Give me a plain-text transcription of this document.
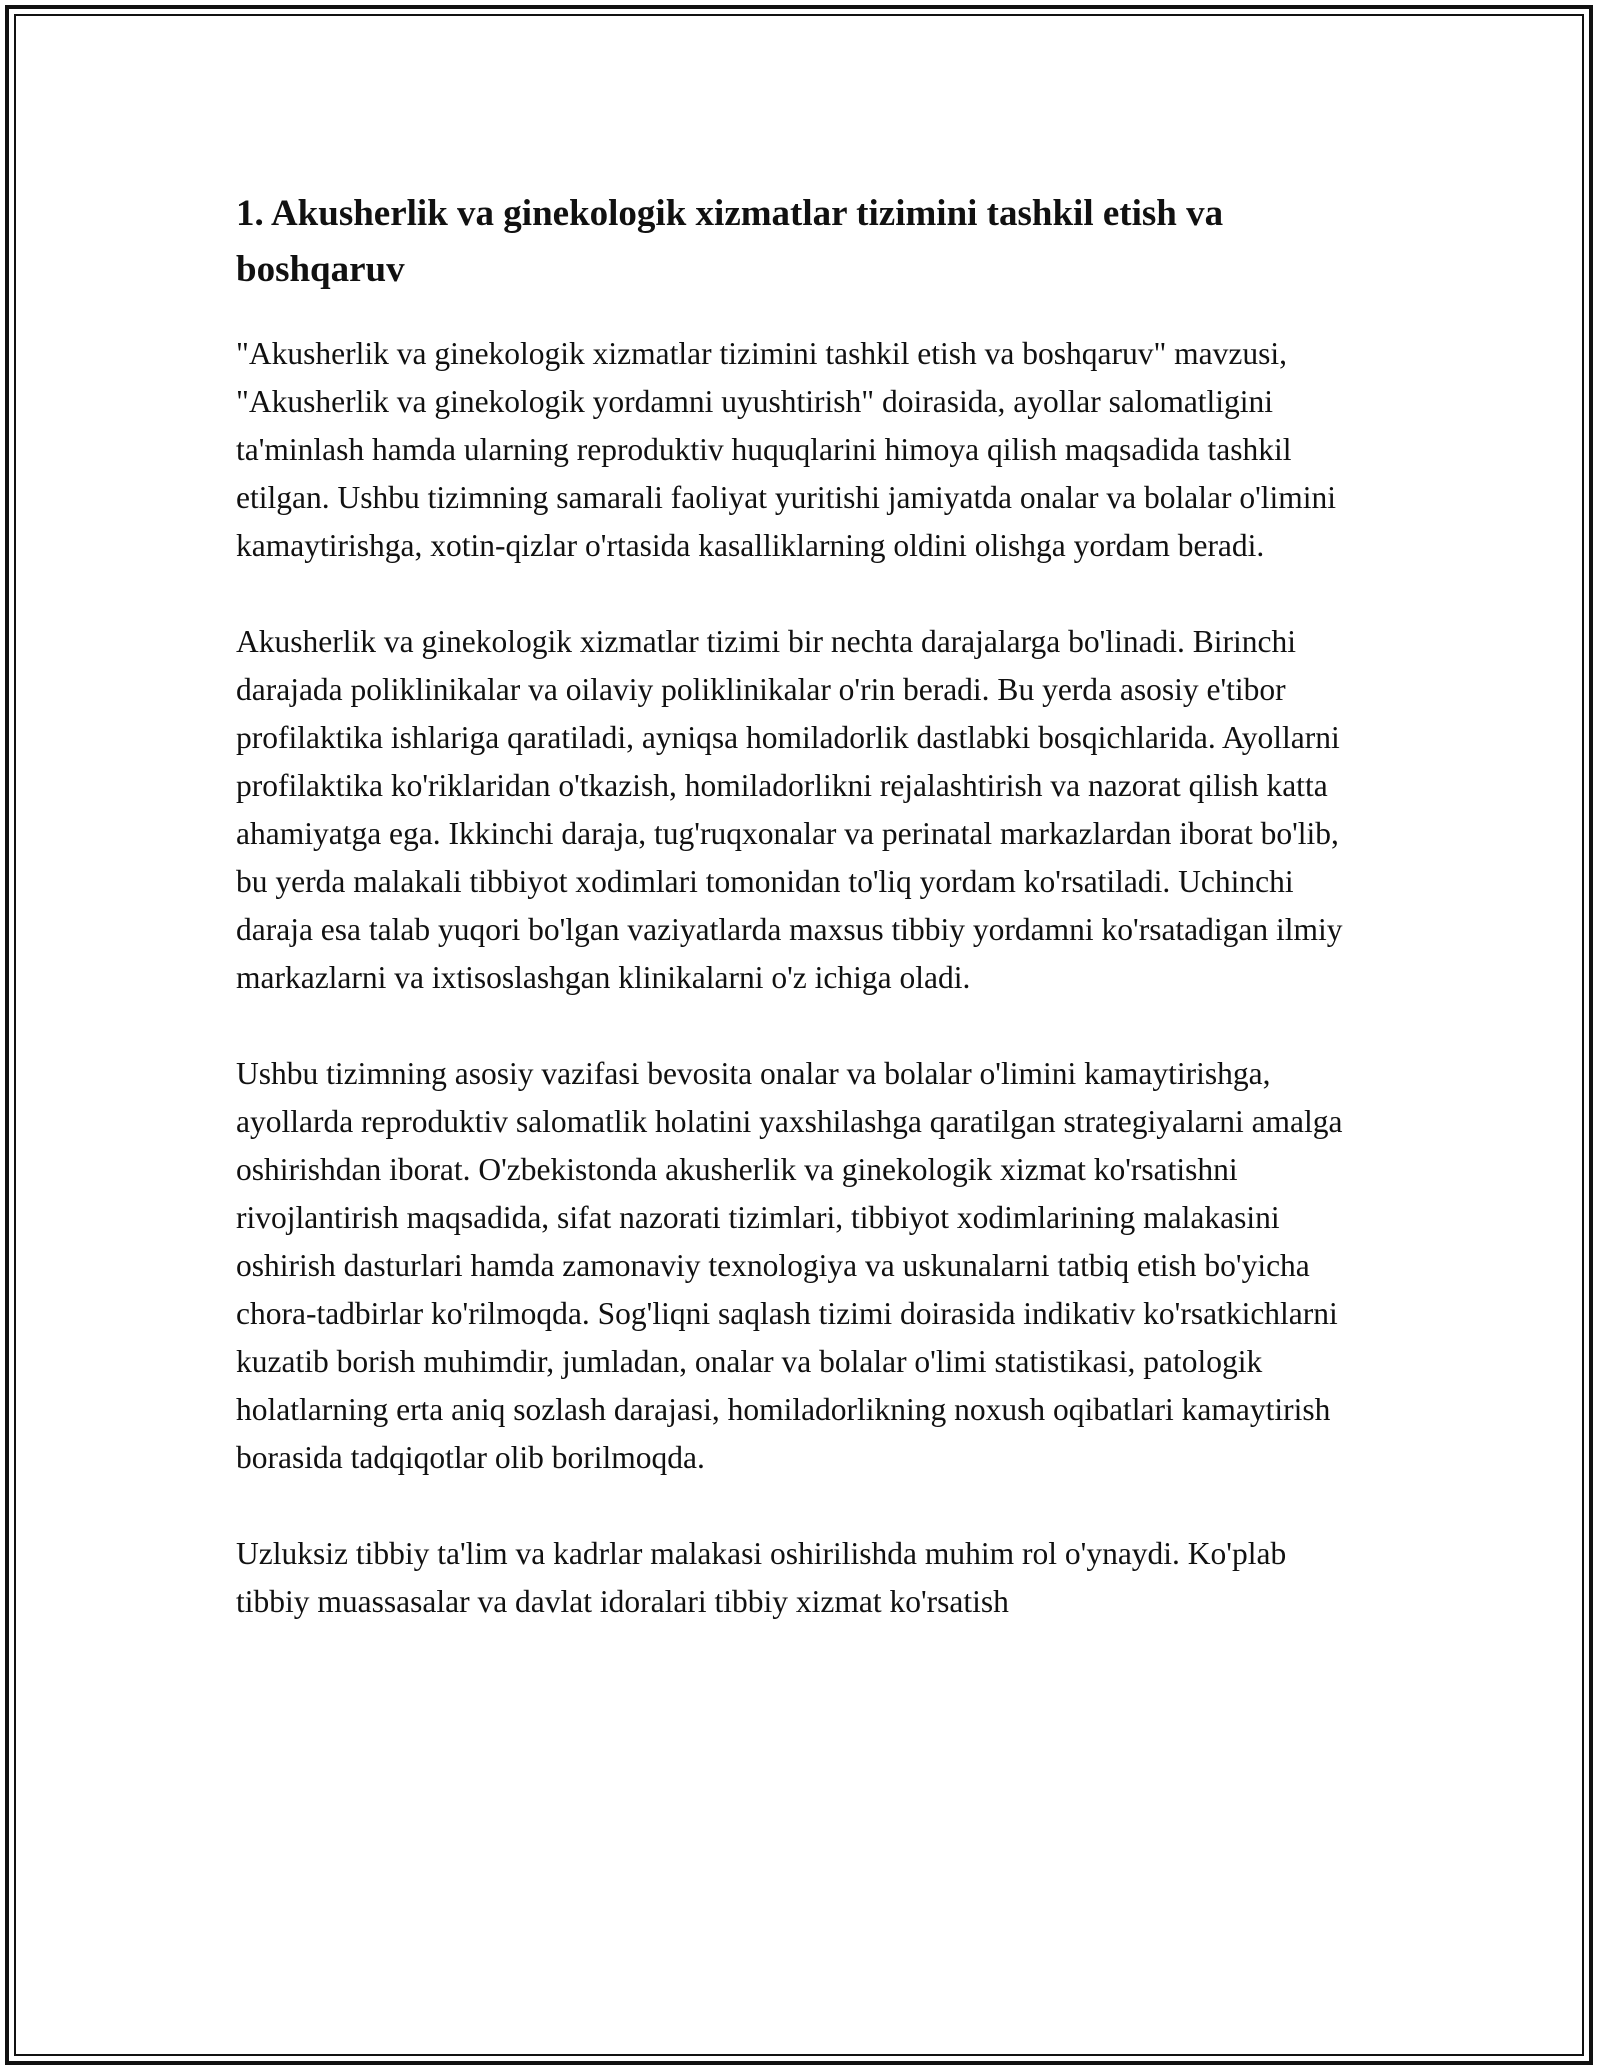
1. Akusherlik va ginekologik xizmatlar tizimini tashkil etish va boshqaruv

"Akusherlik va ginekologik xizmatlar tizimini tashkil etish va boshqaruv" mavzusi, "Akusherlik va ginekologik yordamni uyushtirish" doirasida, ayollar salomatligini ta'minlash hamda ularning reproduktiv huquqlarini himoya qilish maqsadida tashkil etilgan. Ushbu tizimning samarali faoliyat yuritishi jamiyatda onalar va bolalar o'limini kamaytirishga, xotin-qizlar o'rtasida kasalliklarning oldini olishga yordam beradi.

Akusherlik va ginekologik xizmatlar tizimi bir nechta darajalarga bo'linadi. Birinchi darajada poliklinikalar va oilaviy poliklinikalar o'rin beradi. Bu yerda asosiy e'tibor profilaktika ishlariga qaratiladi, ayniqsa homiladorlik dastlabki bosqichlarida. Ayollarni profilaktika ko'riklaridan o'tkazish, homiladorlikni rejalashtirish va nazorat qilish katta ahamiyatga ega. Ikkinchi daraja, tug'ruqxonalar va perinatal markazlardan iborat bo'lib, bu yerda malakali tibbiyot xodimlari tomonidan to'liq yordam ko'rsatiladi. Uchinchi daraja esa talab yuqori bo'lgan vaziyatlarda maxsus tibbiy yordamni ko'rsatadigan ilmiy markazlarni va ixtisoslashgan klinikalarni o'z ichiga oladi.

Ushbu tizimning asosiy vazifasi bevosita onalar va bolalar o'limini kamaytirishga, ayollarda reproduktiv salomatlik holatini yaxshilashga qaratilgan strategiyalarni amalga oshirishdan iborat. O'zbekistonda akusherlik va ginekologik xizmat ko'rsatishni rivojlantirish maqsadida, sifat nazorati tizimlari, tibbiyot xodimlarining malakasini oshirish dasturlari hamda zamonaviy texnologiya va uskunalarni tatbiq etish bo'yicha chora-tadbirlar ko'rilmoqda. Sog'liqni saqlash tizimi doirasida indikativ ko'rsatkichlarni kuzatib borish muhimdir, jumladan, onalar va bolalar o'limi statistikasi, patologik holatlarning erta aniq sozlash darajasi, homiladorlikning noxush oqibatlari kamaytirish borasida tadqiqotlar olib borilmoqda.

Uzluksiz tibbiy ta'lim va kadrlar malakasi oshirilishda muhim rol o'ynaydi. Ko'plab tibbiy muassasalar va davlat idoralari tibbiy xizmat ko'rsatish
